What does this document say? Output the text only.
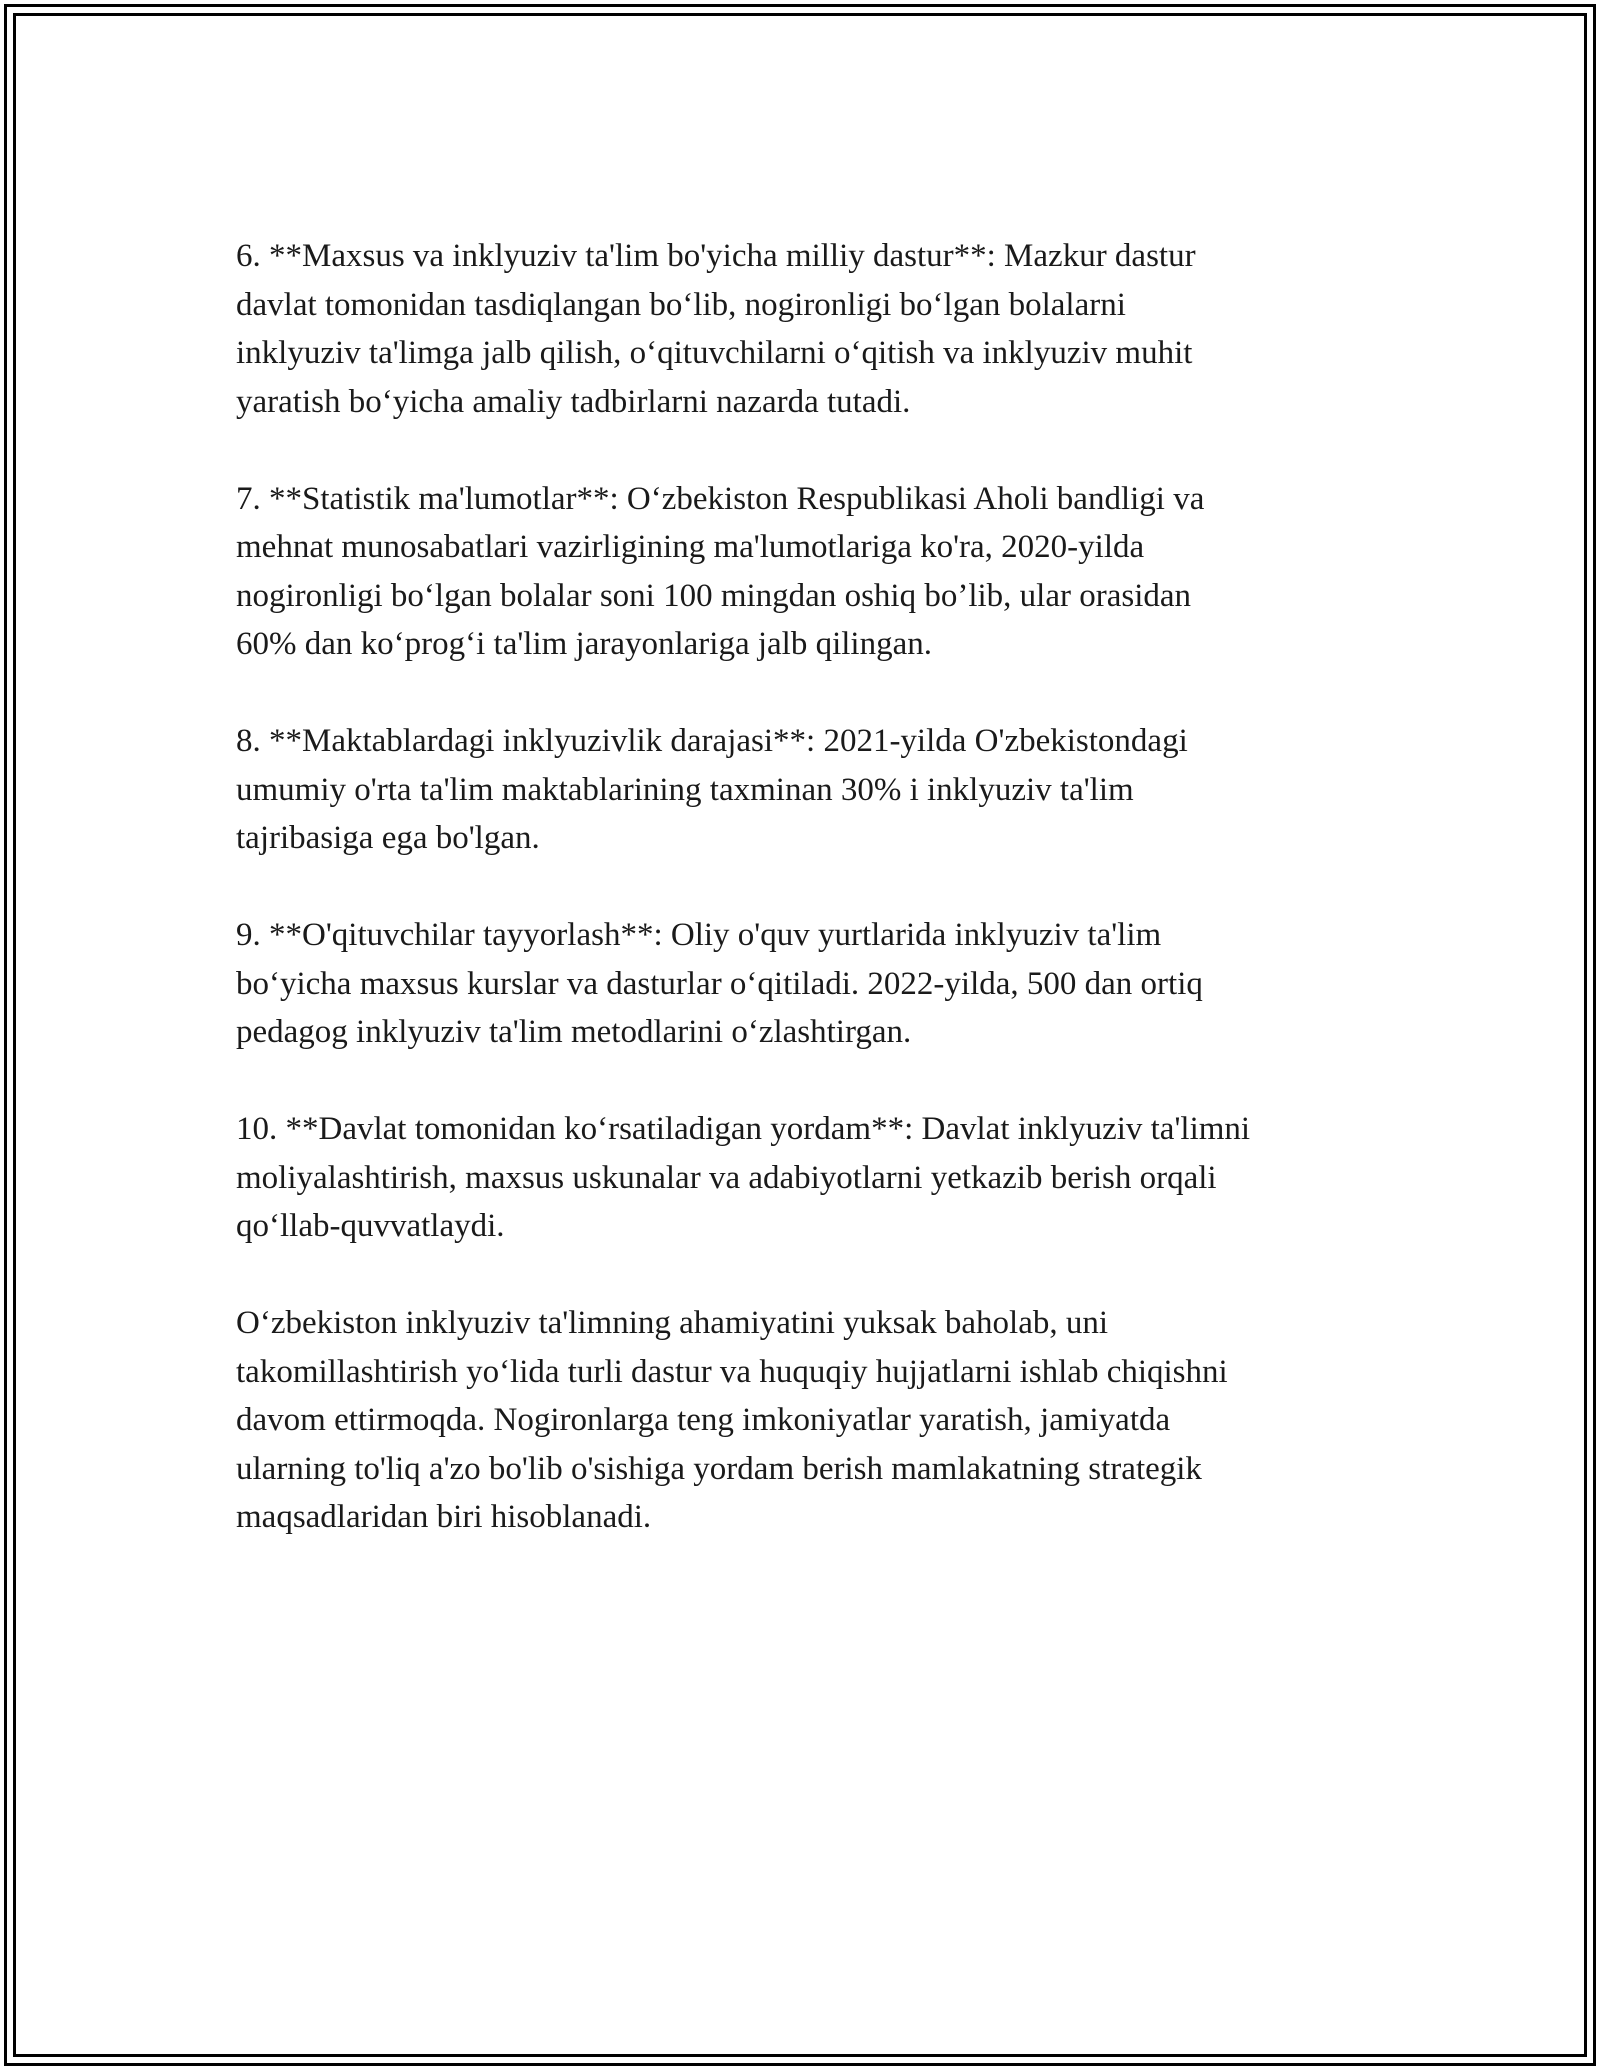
6. **Maxsus va inklyuziv ta'lim bo'yicha milliy dastur**: Mazkur dastur
davlat tomonidan tasdiqlangan bo‘lib, nogironligi bo‘lgan bolalarni
inklyuziv ta'limga jalb qilish, o‘qituvchilarni o‘qitish va inklyuziv muhit
yaratish bo‘yicha amaliy tadbirlarni nazarda tutadi.

7. **Statistik ma'lumotlar**: O‘zbekiston Respublikasi Aholi bandligi va
mehnat munosabatlari vazirligining ma'lumotlariga ko'ra, 2020-yilda
nogironligi bo‘lgan bolalar soni 100 mingdan oshiq bo’lib, ular orasidan
60% dan ko‘prog‘i ta'lim jarayonlariga jalb qilingan.

8. **Maktablardagi inklyuzivlik darajasi**: 2021-yilda O'zbekistondagi
umumiy o'rta ta'lim maktablarining taxminan 30% i inklyuziv ta'lim
tajribasiga ega bo'lgan.

9. **O'qituvchilar tayyorlash**: Oliy o'quv yurtlarida inklyuziv ta'lim
bo‘yicha maxsus kurslar va dasturlar o‘qitiladi. 2022-yilda, 500 dan ortiq
pedagog inklyuziv ta'lim metodlarini o‘zlashtirgan.

10. **Davlat tomonidan ko‘rsatiladigan yordam**: Davlat inklyuziv ta'limni
moliyalashtirish, maxsus uskunalar va adabiyotlarni yetkazib berish orqali
qo‘llab-quvvatlaydi.

O‘zbekiston inklyuziv ta'limning ahamiyatini yuksak baholab, uni
takomillashtirish yo‘lida turli dastur va huquqiy hujjatlarni ishlab chiqishni
davom ettirmoqda. Nogironlarga teng imkoniyatlar yaratish, jamiyatda
ularning to'liq a'zo bo'lib o'sishiga yordam berish mamlakatning strategik
maqsadlaridan biri hisoblanadi.
